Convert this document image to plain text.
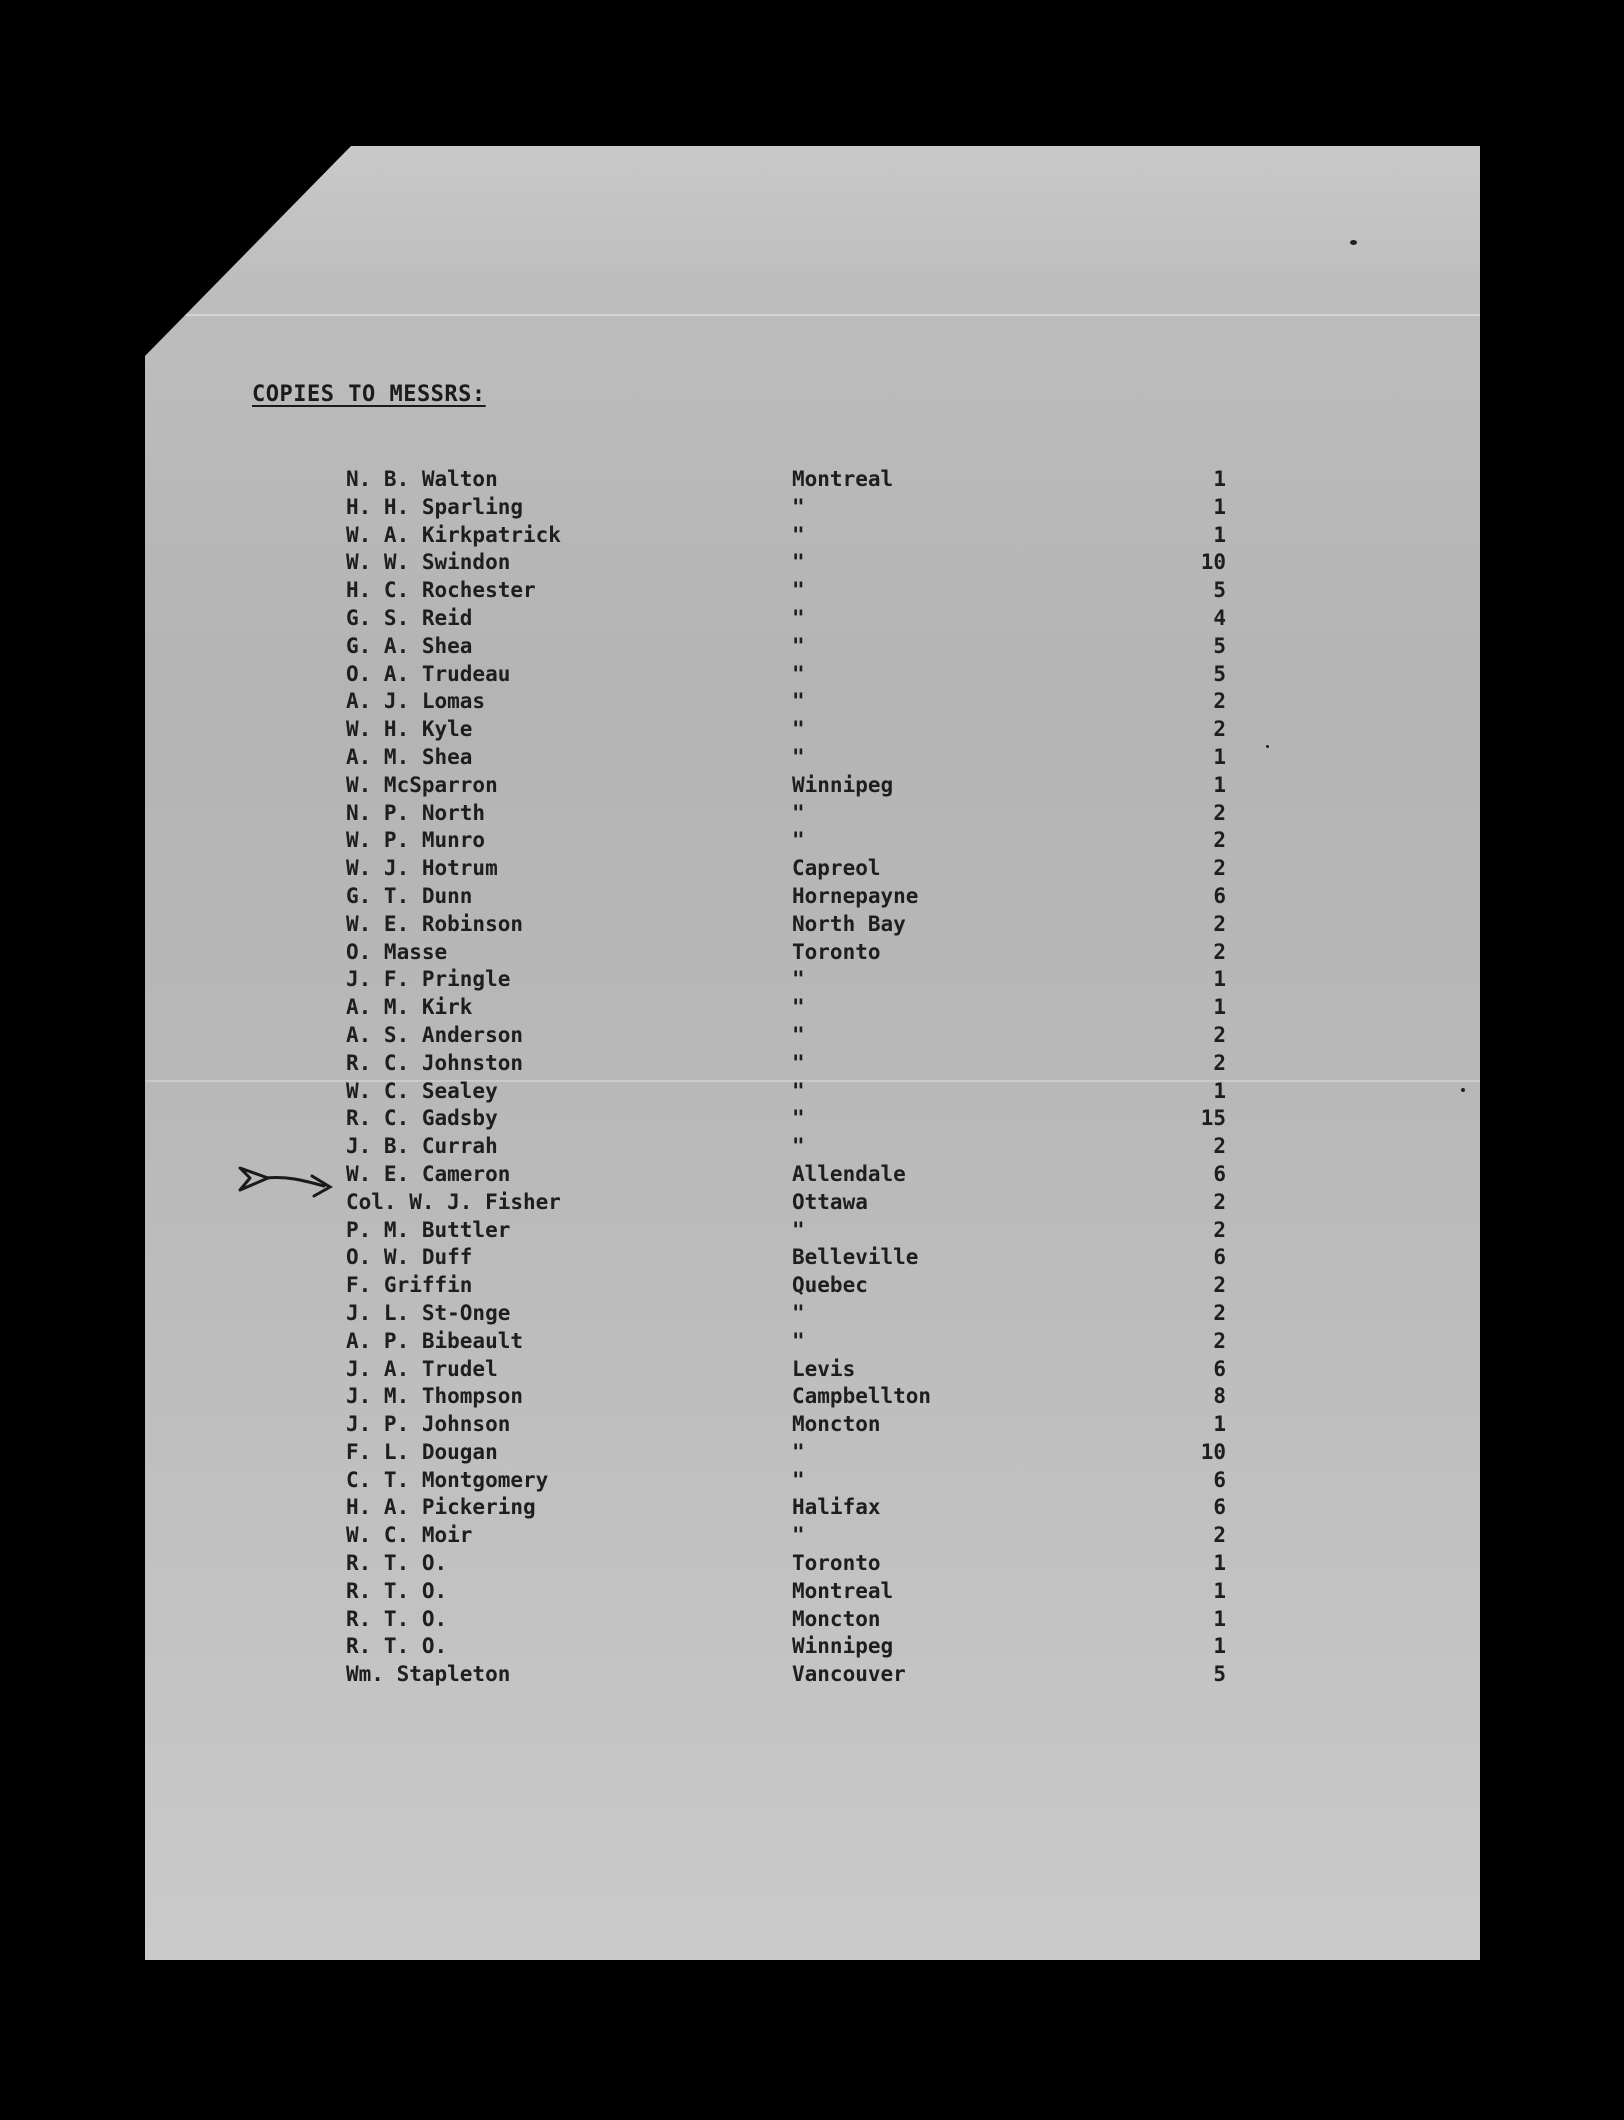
COPIES TO MESSRS:
N. B. Walton	Montreal	1
H. H. Sparling	"	1
W. A. Kirkpatrick	"	1
W. W. Swindon	"	10
H. C. Rochester	"	5
G. S. Reid	"	4
G. A. Shea	"	5
O. A. Trudeau	"	5
A. J. Lomas	"	2
W. H. Kyle	"	2
A. M. Shea	"	1
W. McSparron	Winnipeg	1
N. P. North	"	2
W. P. Munro	"	2
W. J. Hotrum	Capreol	2
G. T. Dunn	Hornepayne	6
W. E. Robinson	North Bay	2
O. Masse	Toronto	2
J. F. Pringle	"	1
A. M. Kirk	"	1
A. S. Anderson	"	2
R. C. Johnston	"	2
W. C. Sealey	"	1
R. C. Gadsby	"	15
J. B. Currah	"	2
W. E. Cameron	Allendale	6
Col. W. J. Fisher	Ottawa	2
P. M. Buttler	"	2
O. W. Duff	Belleville	6
F. Griffin	Quebec	2
J. L. St-Onge	"	2
A. P. Bibeault	"	2
J. A. Trudel	Levis	6
J. M. Thompson	Campbellton	8
J. P. Johnson	Moncton	1
F. L. Dougan	"	10
C. T. Montgomery	"	6
H. A. Pickering	Halifax	6
W. C. Moir	"	2
R. T. O.	Toronto	1
R. T. O.	Montreal	1
R. T. O.	Moncton	1
R. T. O.	Winnipeg	1
Wm. Stapleton	Vancouver	5
